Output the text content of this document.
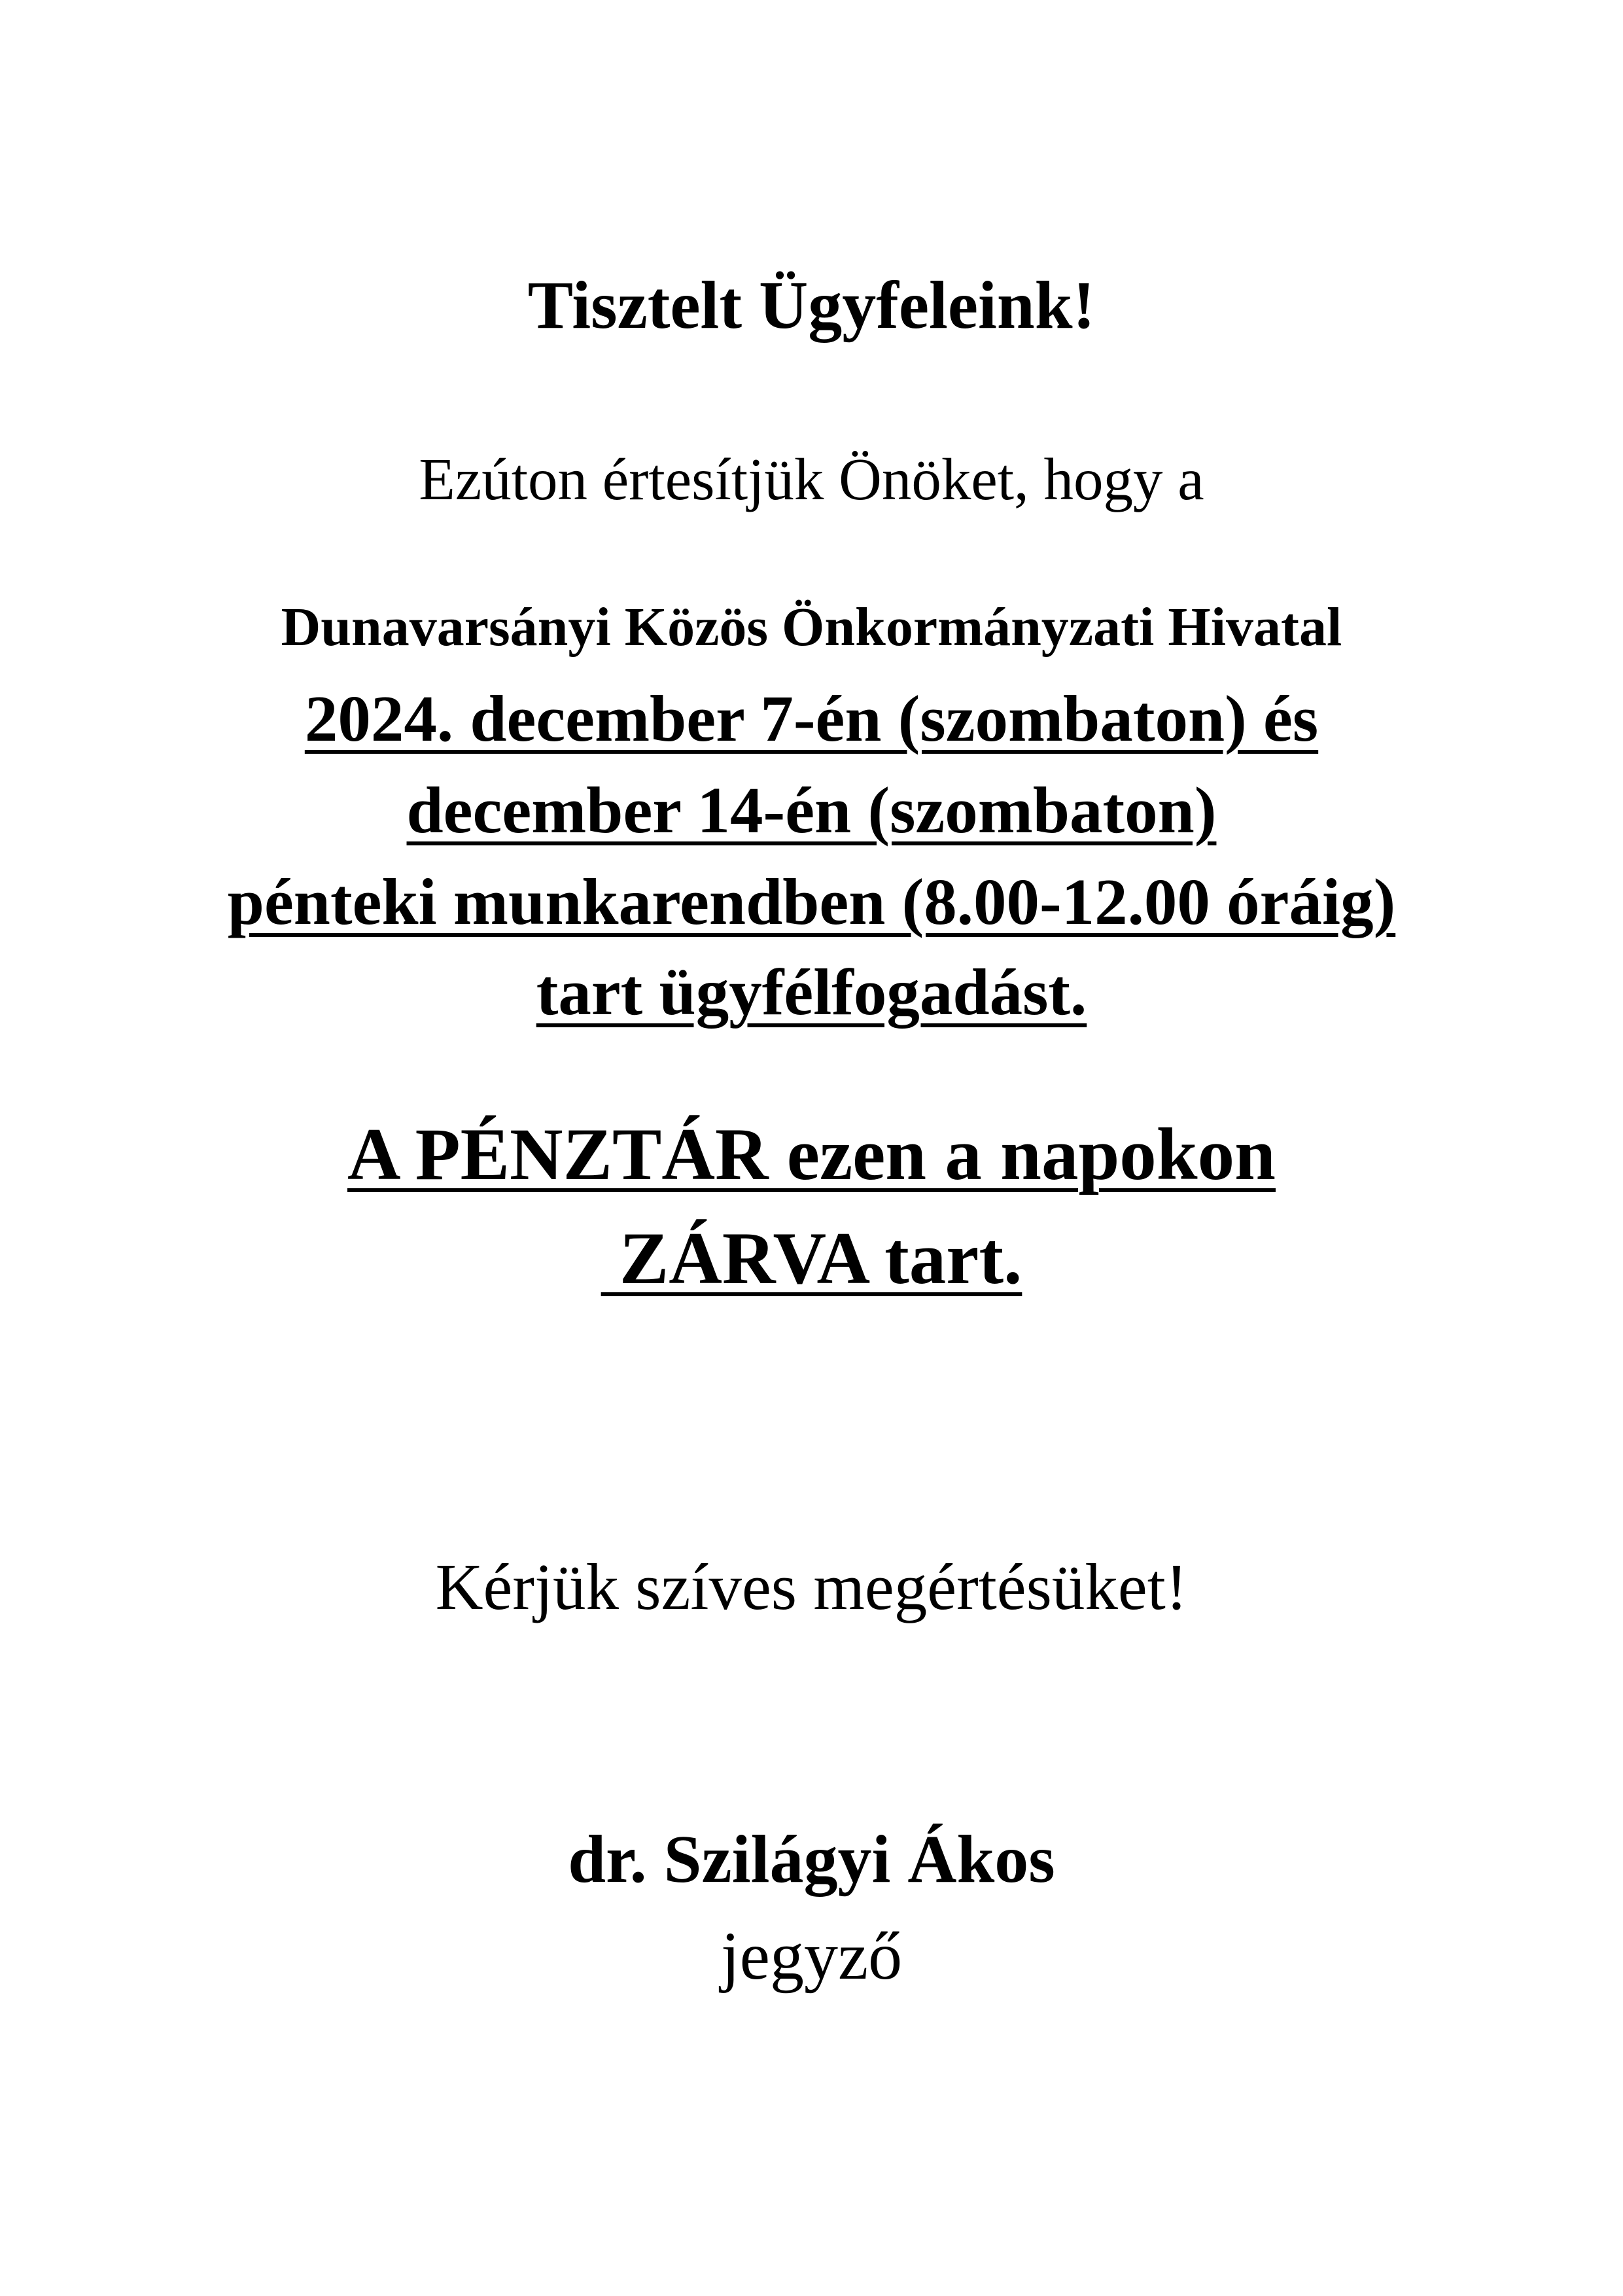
Tisztelt Ügyfeleink!
Ezúton értesítjük Önöket, hogy a
Dunavarsányi Közös Önkormányzati Hivatal
2024. december 7-én (szombaton) és
december 14-én (szombaton)
pénteki munkarendben (8.00-12.00 óráig)
tart ügyfélfogadást.
A PÉNZTÁR ezen a napokon
ZÁRVA tart.
Kérjük szíves megértésüket!
dr. Szilágyi Ákos
jegyző
